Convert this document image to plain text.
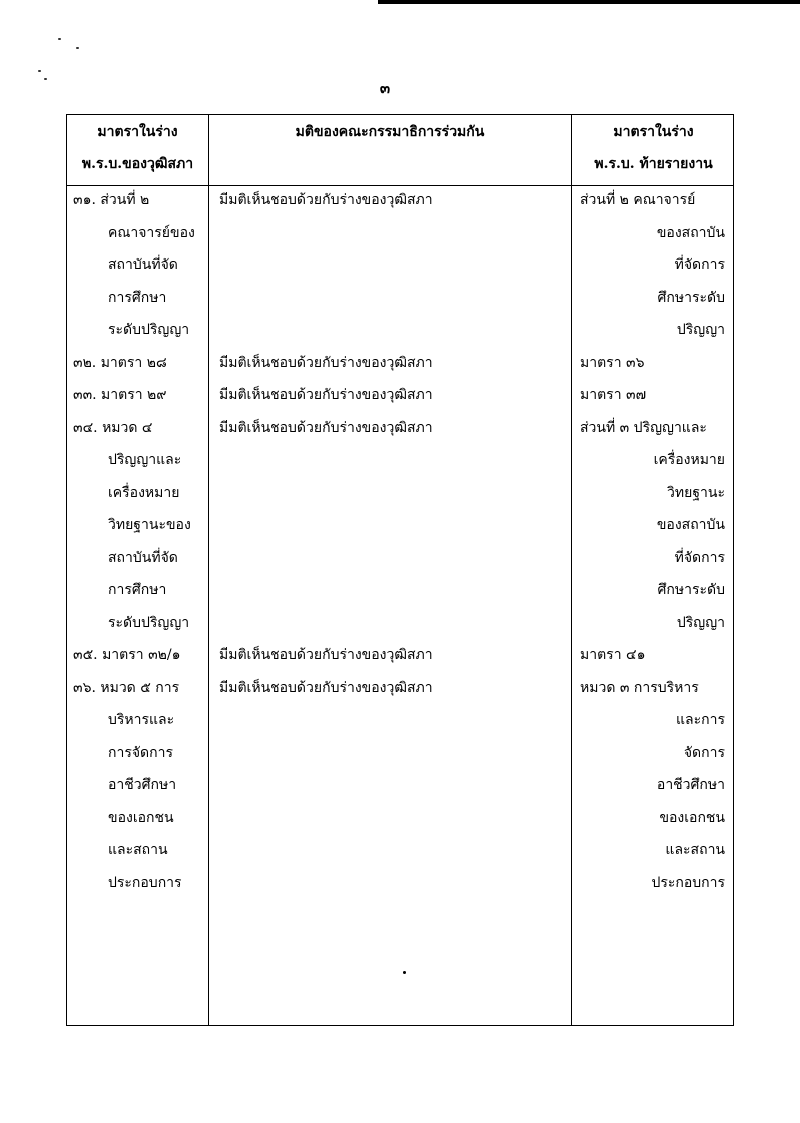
๓
มาตราในร่าง
พ.ร.บ.ของวุฒิสภา
๓๑. ส่วนที่ ๒
คณาจารย์ของ
สถาบันที่จัด
การศึกษา
ระดับปริญญา
๓๒. มาตรา ๒๘
๓๓. มาตรา ๒๙
๓๔. หมวด ๔
ปริญญาและ
เครื่องหมาย
วิทยฐานะของ
สถาบันที่จัด
การศึกษา
ระดับปริญญา
๓๕. มาตรา ๓๒/๑
๓๖. หมวด ๕ การ
บริหารและ
การจัดการ
อาชีวศึกษา
ของเอกชน
และสถาน
ประกอบการ
มติของคณะกรรมาธิการร่วมกัน
มีมติเห็นชอบด้วยกับร่างของวุฒิสภา
มีมติเห็นชอบด้วยกับร่างของวุฒิสภา
มีมติเห็นชอบด้วยกับร่างของวุฒิสภา
มีมติเห็นชอบด้วยกับร่างของวุฒิสภา
มีมติเห็นชอบด้วยกับร่างของวุฒิสภา
มีมติเห็นชอบด้วยกับร่างของวุฒิสภา
มาตราในร่าง
พ.ร.บ. ท้ายรายงาน
ส่วนที่ ๒ คณาจารย์
ของสถาบัน
ที่จัดการ
ศึกษาระดับ
ปริญญา
มาตรา ๓๖
มาตรา ๓๗
ส่วนที่ ๓ ปริญญาและ
เครื่องหมาย
วิทยฐานะ
ของสถาบัน
ที่จัดการ
ศึกษาระดับ
ปริญญา
มาตรา ๔๑
หมวด ๓ การบริหาร
และการ
จัดการ
อาชีวศึกษา
ของเอกชน
และสถาน
ประกอบการ
